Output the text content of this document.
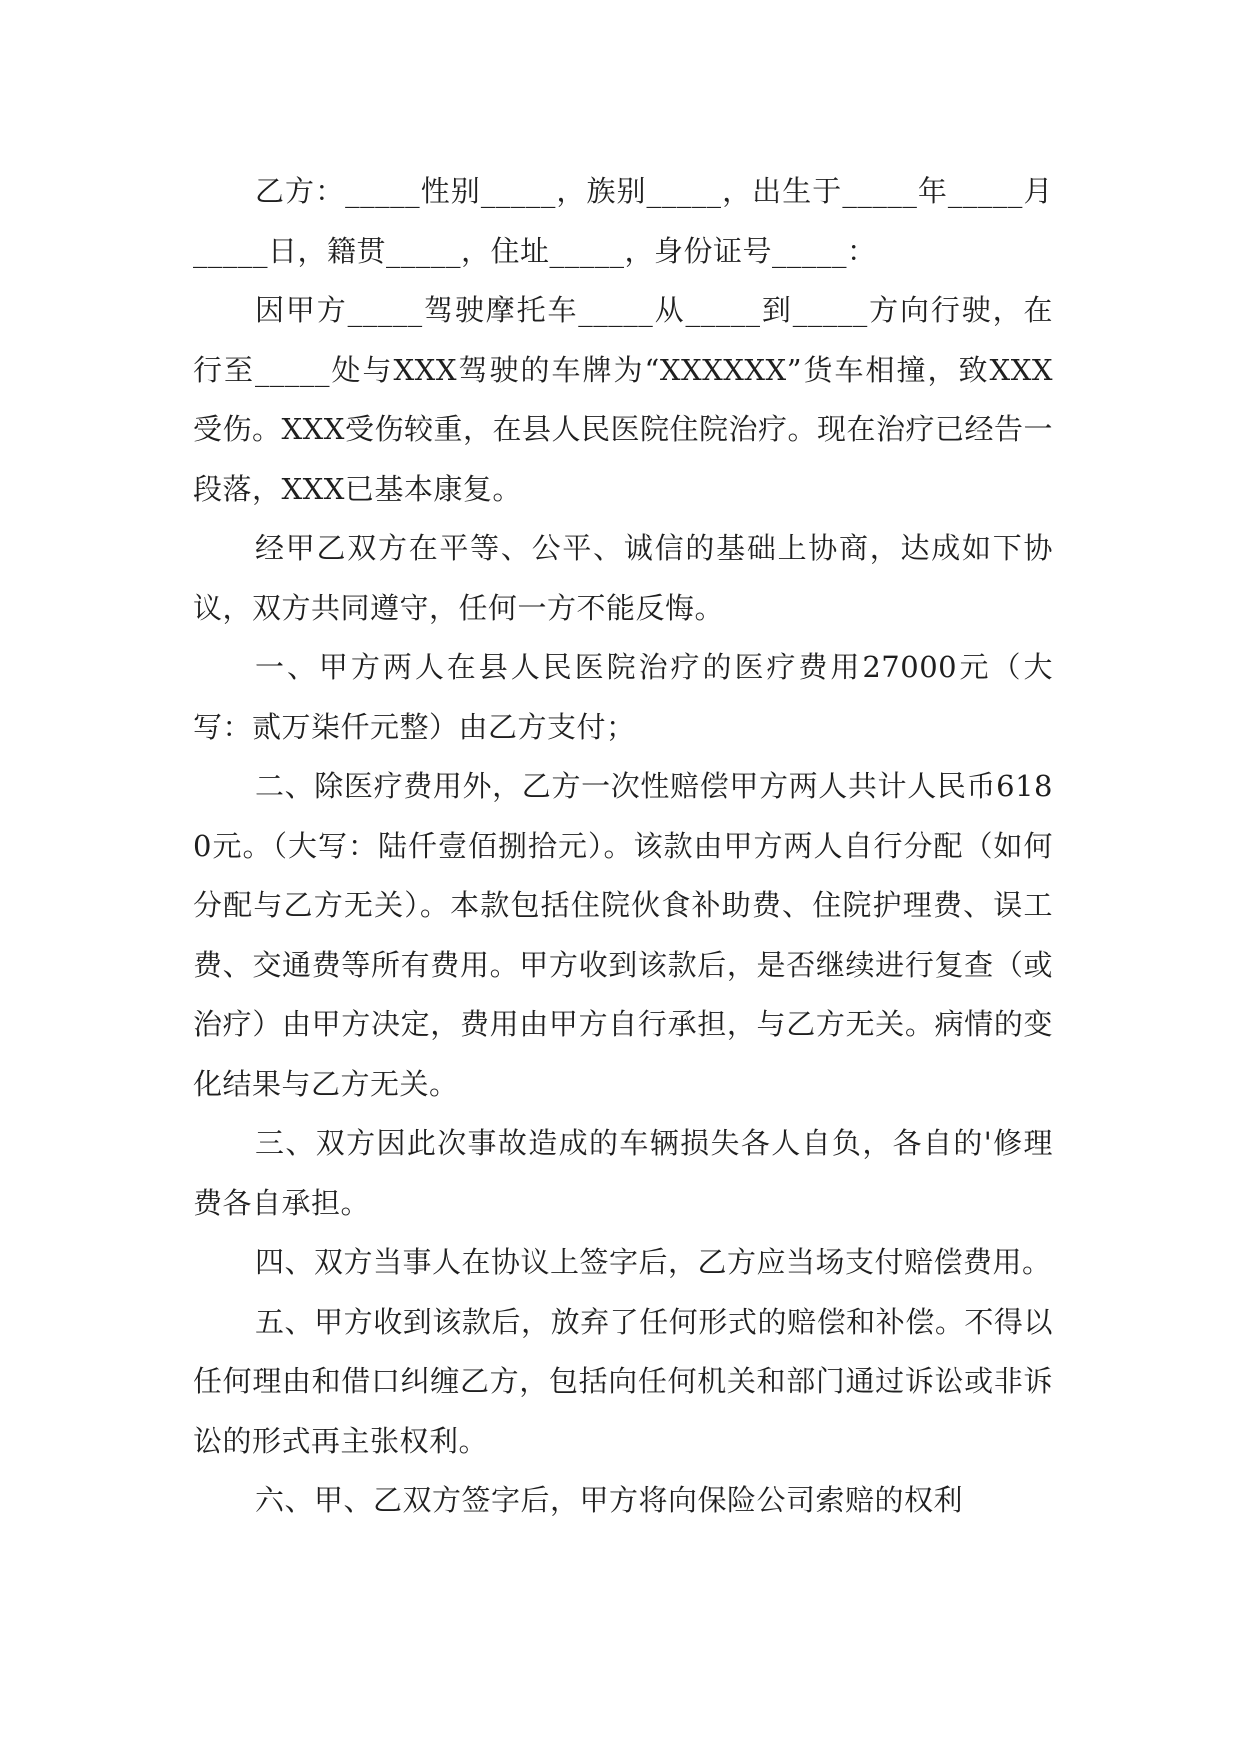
乙方：_____性别_____，族别_____，出生于_____年_____月_____日，籍贯_____，住址_____，身份证号_____：

因甲方_____驾驶摩托车_____从_____到_____方向行驶，在行至_____处与XXX驾驶的车牌为“XXXXXX”货车相撞，致XXX受伤。XXX受伤较重，在县人民医院住院治疗。现在治疗已经告一段落，XXX已基本康复。

经甲乙双方在平等、公平、诚信的基础上协商，达成如下协议，双方共同遵守，任何一方不能反悔。

一、甲方两人在县人民医院治疗的医疗费用27000元（大写：贰万柒仟元整）由乙方支付；

二、除医疗费用外，乙方一次性赔偿甲方两人共计人民币6180元。（大写：陆仟壹佰捌拾元）。该款由甲方两人自行分配（如何分配与乙方无关）。本款包括住院伙食补助费、住院护理费、误工费、交通费等所有费用。甲方收到该款后，是否继续进行复查（或治疗）由甲方决定，费用由甲方自行承担，与乙方无关。病情的变化结果与乙方无关。

三、双方因此次事故造成的车辆损失各人自负，各自的'修理费各自承担。

四、双方当事人在协议上签字后，乙方应当场支付赔偿费用。

五、甲方收到该款后，放弃了任何形式的赔偿和补偿。不得以任何理由和借口纠缠乙方，包括向任何机关和部门通过诉讼或非诉讼的形式再主张权利。

六、甲、乙双方签字后，甲方将向保险公司索赔的权利
